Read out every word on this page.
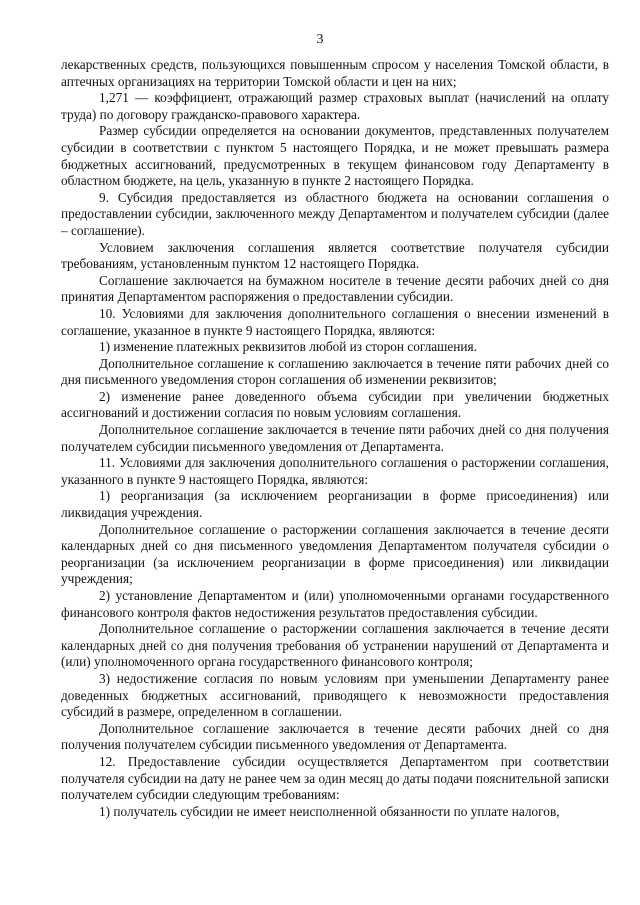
3

лекарственных средств, пользующихся повышенным спросом у населения Томской области, в аптечных организациях на территории Томской области и цен на них;

1,271 — коэффициент, отражающий размер страховых выплат (начислений на оплату труда) по договору гражданско-правового характера.

Размер субсидии определяется на основании документов, представленных получателем субсидии в соответствии с пунктом 5 настоящего Порядка, и не может превышать размера бюджетных ассигнований, предусмотренных в текущем финансовом году Департаменту в областном бюджете, на цель, указанную в пункте 2 настоящего Порядка.

9. Субсидия предоставляется из областного бюджета на основании соглашения о предоставлении субсидии, заключенного между Департаментом и получателем субсидии (далее – соглашение).

Условием заключения соглашения является соответствие получателя субсидии требованиям, установленным пунктом 12 настоящего Порядка.

Соглашение заключается на бумажном носителе в течение десяти рабочих дней со дня принятия Департаментом распоряжения о предоставлении субсидии.

10. Условиями для заключения дополнительного соглашения о внесении изменений в соглашение, указанное в пункте 9 настоящего Порядка, являются:

1) изменение платежных реквизитов любой из сторон соглашения.

Дополнительное соглашение к соглашению заключается в течение пяти рабочих дней со дня письменного уведомления сторон соглашения об изменении реквизитов;

2) изменение ранее доведенного объема субсидии при увеличении бюджетных ассигнований и достижении согласия по новым условиям соглашения.

Дополнительное соглашение заключается в течение пяти рабочих дней со дня получения получателем субсидии письменного уведомления от Департамента.

11. Условиями для заключения дополнительного соглашения о расторжении соглашения, указанного в пункте 9 настоящего Порядка, являются:

1) реорганизация (за исключением реорганизации в форме присоединения) или ликвидация учреждения.

Дополнительное соглашение о расторжении соглашения заключается в течение десяти календарных дней со дня письменного уведомления Департаментом получателя субсидии о реорганизации (за исключением реорганизации в форме присоединения) или ликвидации учреждения;

2) установление Департаментом и (или) уполномоченными органами государственного финансового контроля фактов недостижения результатов предоставления субсидии.

Дополнительное соглашение о расторжении соглашения заключается в течение десяти календарных дней со дня получения требования об устранении нарушений от Департамента и (или) уполномоченного органа государственного финансового контроля;

3) недостижение согласия по новым условиям при уменьшении Департаменту ранее доведенных бюджетных ассигнований, приводящего к невозможности предоставления субсидий в размере, определенном в соглашении.

Дополнительное соглашение заключается в течение десяти рабочих дней со дня получения получателем субсидии письменного уведомления от Департамента.

12. Предоставление субсидии осуществляется Департаментом при соответствии получателя субсидии на дату не ранее чем за один месяц до даты подачи пояснительной записки получателем субсидии следующим требованиям:

1) получатель субсидии не имеет неисполненной обязанности по уплате налогов,
